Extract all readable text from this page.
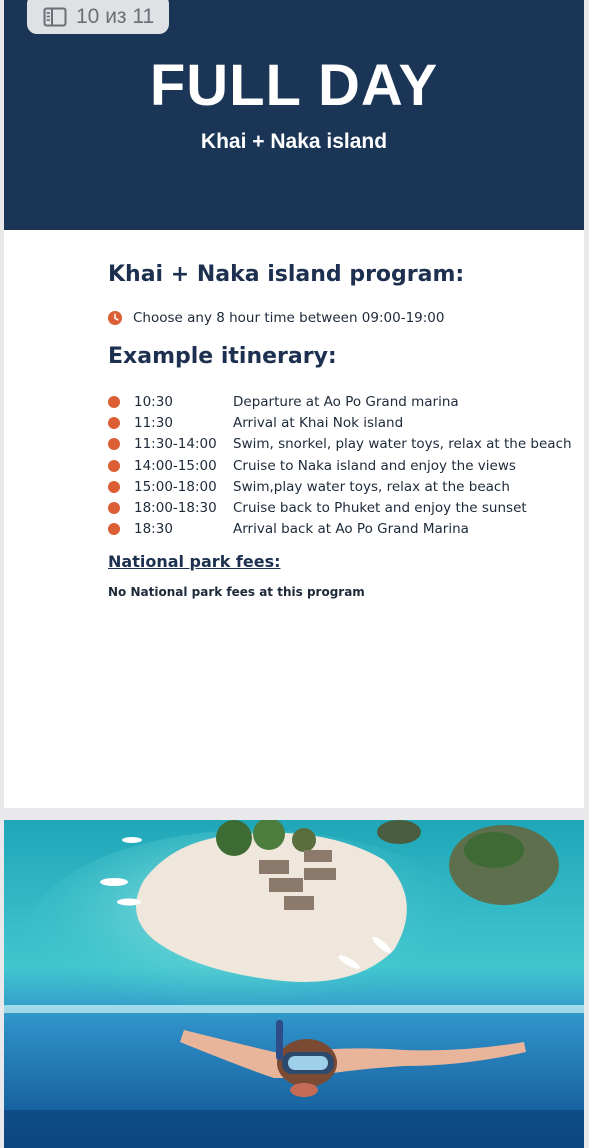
10 из 11
FULL DAY
Khai + Naka island
Khai + Naka island program:
Choose any 8 hour time between 09:00-19:00
Example itinerary:
10:30	Departure at Ao Po Grand marina
11:30	Arrival at Khai Nok island
11:30-14:00	Swim, snorkel, play water toys, relax at the beach
14:00-15:00	Cruise to Naka island and enjoy the views
15:00-18:00	Swim,play water toys, relax at the beach
18:00-18:30	Cruise back to Phuket and enjoy the sunset
18:30	Arrival back at Ao Po Grand Marina
National park fees:
No National park fees at this program
